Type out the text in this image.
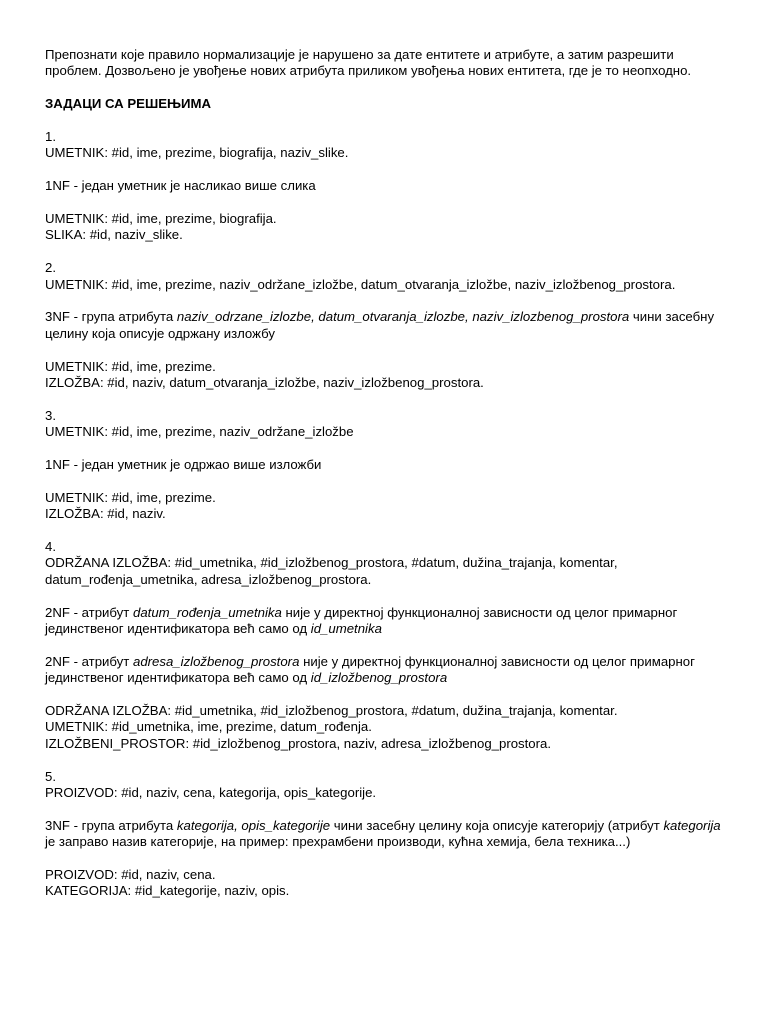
Препознати које правило нормализације је нарушено за дате ентитете и атрибуте, а затим разрешити проблем. Дозвољено је увођење нових атрибута приликом увођења нових ентитета, где је то неопходно.

ЗАДАЦИ СА РЕШЕЊИМА

1.

UMETNIK: #id, ime, prezime, biografija, naziv_slike.

1NF - један уметник је насликао више слика

UMETNIK: #id, ime, prezime, biografija.

SLIKA: #id, naziv_slike.

2.

UMETNIK: #id, ime, prezime, naziv_održane_izložbe, datum_otvaranja_izložbe, naziv_izložbenog_prostora.

3NF - група атрибута naziv_odrzane_izlozbe, datum_otvaranja_izlozbe, naziv_izlozbenog_prostora чини засебну целину која описује одржану изложбу

UMETNIK: #id, ime, prezime.

IZLOŽBA: #id, naziv, datum_otvaranja_izložbe, naziv_izložbenog_prostora.

3.

UMETNIK: #id, ime, prezime, naziv_održane_izložbe

1NF - један уметник је одржао више изложби

UMETNIK: #id, ime, prezime.

IZLOŽBA: #id, naziv.

4.

ODRŽANA IZLOŽBA: #id_umetnika, #id_izložbenog_prostora, #datum, dužina_trajanja, komentar, datum_rođenja_umetnika, adresa_izložbenog_prostora.

2NF - атрибут datum_rođenja_umetnika није у директној функционалној зависности од целог примарног јединственог идентификатора већ само од id_umetnika

2NF - атрибут adresa_izložbenog_prostora није у директној функционалној зависности од целог примарног јединственог идентификатора већ само од id_izložbenog_prostora

ODRŽANA IZLOŽBA: #id_umetnika, #id_izložbenog_prostora, #datum, dužina_trajanja, komentar.

UMETNIK: #id_umetnika, ime, prezime, datum_rođenja.

IZLOŽBENI_PROSTOR: #id_izložbenog_prostora, naziv, adresa_izložbenog_prostora.

5.

PROIZVOD: #id, naziv, cena, kategorija, opis_kategorije.

3NF - група атрибута kategorija, opis_kategorije чини засебну целину која описује категорију (атрибут kategorija је заправо назив категорије, на пример: прехрамбени производи, кућна хемија, бела техника...)

PROIZVOD: #id, naziv, cena.

KATEGORIJA: #id_kategorije, naziv, opis.
